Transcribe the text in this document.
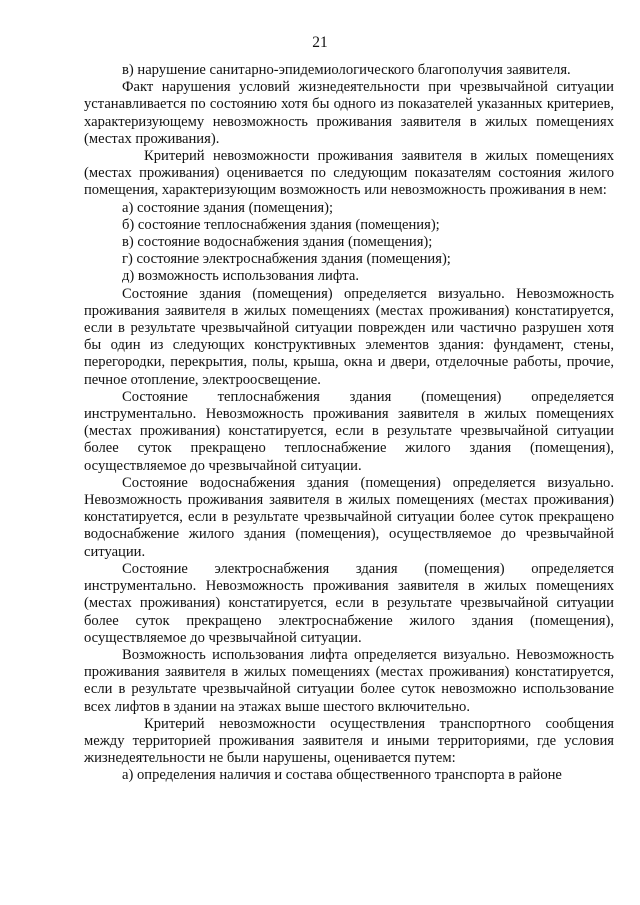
21

в) нарушение санитарно-эпидемиологического благополучия заявителя.

Факт нарушения условий жизнедеятельности при чрезвычайной ситуации устанавливается по состоянию хотя бы одного из показателей указанных критериев, характеризующему невозможность проживания заявителя в жилых помещениях (местах проживания).

Критерий невозможности проживания заявителя в жилых помещениях (местах проживания) оценивается по следующим показателям состояния жилого помещения, характеризующим возможность или невозможность проживания в нем:

а) состояние здания (помещения);
б) состояние теплоснабжения здания (помещения);
в) состояние водоснабжения здания (помещения);
г) состояние электроснабжения здания (помещения);
д) возможность использования лифта.

Состояние здания (помещения) определяется визуально. Невозможность проживания заявителя в жилых помещениях (местах проживания) констатируется, если в результате чрезвычайной ситуации поврежден или частично разрушен хотя бы один из следующих конструктивных элементов здания: фундамент, стены, перегородки, перекрытия, полы, крыша, окна и двери, отделочные работы, прочие, печное отопление, электроосвещение.

Состояние теплоснабжения здания (помещения) определяется инструментально. Невозможность проживания заявителя в жилых помещениях (местах проживания) констатируется, если в результате чрезвычайной ситуации более суток прекращено теплоснабжение жилого здания (помещения), осуществляемое до чрезвычайной ситуации.

Состояние водоснабжения здания (помещения) определяется визуально. Невозможность проживания заявителя в жилых помещениях (местах проживания) констатируется, если в результате чрезвычайной ситуации более суток прекращено водоснабжение жилого здания (помещения), осуществляемое до чрезвычайной ситуации.

Состояние электроснабжения здания (помещения) определяется инструментально. Невозможность проживания заявителя в жилых помещениях (местах проживания) констатируется, если в результате чрезвычайной ситуации более суток прекращено электроснабжение жилого здания (помещения), осуществляемое до чрезвычайной ситуации.

Возможность использования лифта определяется визуально. Невозможность проживания заявителя в жилых помещениях (местах проживания) констатируется, если в результате чрезвычайной ситуации более суток невозможно использование всех лифтов в здании на этажах выше шестого включительно.

Критерий невозможности осуществления транспортного сообщения между территорией проживания заявителя и иными территориями, где условия жизнедеятельности не были нарушены, оценивается путем:

а) определения наличия и состава общественного транспорта в районе
